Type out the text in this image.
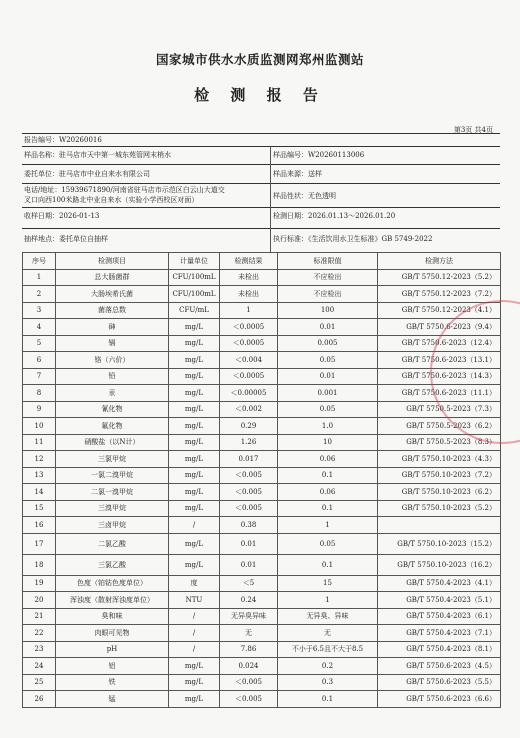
国家城市供水水质监测网郑州监测站
检 测 报 告
第3页 共4页
报告编号：W20260016
样品名称：驻马店市天中第一城东苑管网末梢水	样品编号：W20260113006
委托单位：驻马店市中业自来水有限公司	样品来源：送样
电话/地址：15939671890/河南省驻马店市示范区白云山大道交
叉口向西100米路北中业自来水（实验小学西校区对面）	样品性状：无色透明
收样日期：2026-01-13	检测日期：2026.01.13～2026.01.20
抽样地点：委托单位自抽样	执行标准：《生活饮用水卫生标准》GB 5749-2022
序号	检测项目	计量单位	检测结果	标准限值	检测方法
1	总大肠菌群	CFU/100mL	未检出	不应检出	GB/T 5750.12-2023（5.2）
2	大肠埃希氏菌	CFU/100mL	未检出	不应检出	GB/T 5750.12-2023（7.2）
3	菌落总数	CFU/mL	1	100	GB/T 5750.12-2023（4.1）
4	砷	mg/L	＜0.0005	0.01	GB/T 5750.6-2023（9.4）
5	镉	mg/L	＜0.0005	0.005	GB/T 5750.6-2023（12.4）
6	铬（六价）	mg/L	＜0.004	0.05	GB/T 5750.6-2023（13.1）
7	铅	mg/L	＜0.0005	0.01	GB/T 5750.6-2023（14.3）
8	汞	mg/L	＜0.00005	0.001	GB/T 5750.6-2023（11.1）
9	氰化物	mg/L	＜0.002	0.05	GB/T 5750.5-2023（7.3）
10	氟化物	mg/L	0.29	1.0	GB/T 5750.5-2023（6.2）
11	硝酸盐（以N计）	mg/L	1.26	10	GB/T 5750.5-2023（8.3）
12	三氯甲烷	mg/L	0.017	0.06	GB/T 5750.10-2023（4.3）
13	一氯二溴甲烷	mg/L	＜0.005	0.1	GB/T 5750.10-2023（7.2）
14	二氯一溴甲烷	mg/L	＜0.005	0.06	GB/T 5750.10-2023（6.2）
15	三溴甲烷	mg/L	＜0.005	0.1	GB/T 5750.10-2023（5.2）
16	三卤甲烷	/	0.38	1	
17	二氯乙酸	mg/L	0.01	0.05	GB/T 5750.10-2023（15.2）
18	三氯乙酸	mg/L	0.01	0.1	GB/T 5750.10-2023（16.2）
19	色度（铂钴色度单位）	度	＜5	15	GB/T 5750.4-2023（4.1）
20	浑浊度（散射浑浊度单位）	NTU	0.24	1	GB/T 5750.4-2023（5.1）
21	臭和味	/	无异臭异味	无异臭、异味	GB/T 5750.4-2023（6.1）
22	肉眼可见物	/	无	无	GB/T 5750.4-2023（7.1）
23	pH	/	7.86	不小于6.5且不大于8.5	GB/T 5750.4-2023（8.1）
24	铝	mg/L	0.024	0.2	GB/T 5750.6-2023（4.5）
25	铁	mg/L	＜0.005	0.3	GB/T 5750.6-2023（5.5）
26	锰	mg/L	＜0.005	0.1	GB/T 5750.6-2023（6.6）
